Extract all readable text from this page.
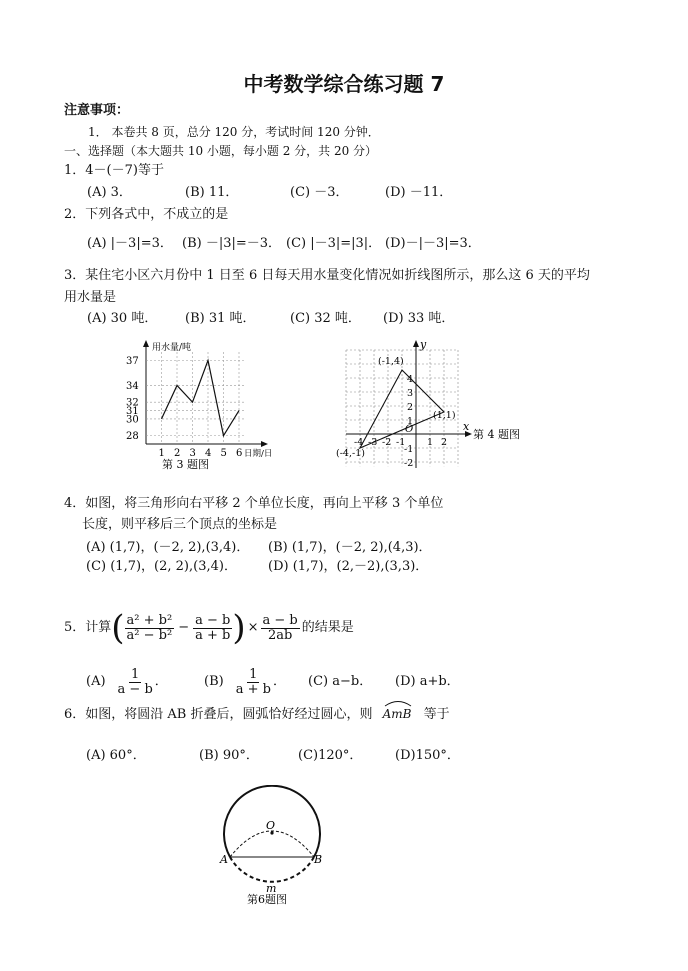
中考数学综合练习题 7
注意事项：
1． 本卷共 8 页，总分 120 分，考试时间 120 分钟．
一、选择题（本大题共 10 小题，每小题 2 分，共 20 分）
1．4－(－7)等于
(A) 3．	(B) 11．	(C) －3．	(D) －11．
2．下列各式中，不成立的是
(A) |－3|=3． (B) －|3|=－3． (C) |－3|=|3|． (D)－|－3|=3．
3．某住宅小区六月份中 1 日至 6 日每天用水量变化情况如折线图所示，那么这 6 天的平均
用水量是
(A) 30 吨． (B) 31 吨．	(C) 32 吨． (D) 33 吨．
用水量/吨
37
34
32
31
30
28
1 2 3 4 5 6 日期/日
第 3 题图
x
y
O
-4 -3 -2 -1 1 2
4
3
2
1
-1
-2
(-1,4)
(1,1)
(-4,-1)
第 4 题图
4．如图，将三角形向右平移 2 个单位长度，再向上平移 3 个单位
长度，则平移后三个顶点的坐标是
(A) (1,7)，(－2, 2),(3,4)． (B) (1,7)，(－2, 2),(4,3)．
(C) (1,7)，(2, 2),(3,4)． (D) (1,7)，(2,－2),(3,3)．
5．计算 ( $\frac{\text{a² + b²}}{\text{a² − b²}} - \frac{a - b}{a + b}$ ) × $\frac{a - b}{2ab}$ 的结果是
$(A) \frac{1}{a - b}$ ．	$(B) \frac{1}{a + b}$ ． (C) a−b． (D) a+b．
6．如图，将圆沿 AB 折叠后，圆弧恰好经过圆心，则 AmB 等于
(A) 60°．	(B) 90°．	(C)120°．	(D)150°．
O
A	B
m
第6题图
